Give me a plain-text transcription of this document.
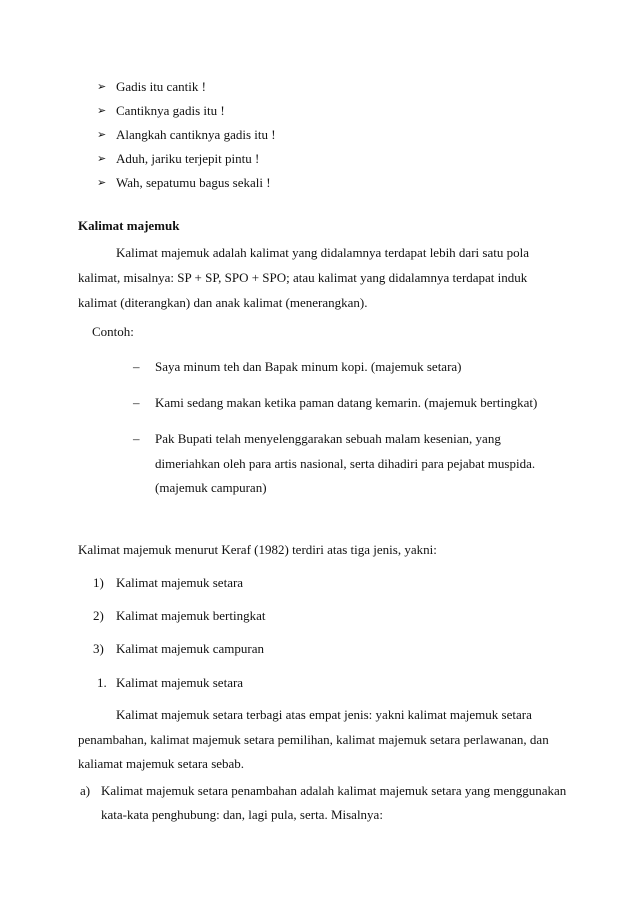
➢ Gadis itu cantik !
➢ Cantiknya gadis itu !
➢ Alangkah cantiknya gadis itu !
➢ Aduh, jariku terjepit pintu !
➢ Wah, sepatumu bagus sekali !
Kalimat majemuk
Kalimat majemuk adalah kalimat yang didalamnya terdapat lebih dari satu pola
kalimat, misalnya: SP + SP, SPO + SPO; atau kalimat yang didalamnya terdapat induk
kalimat (diterangkan) dan anak kalimat (menerangkan).
Contoh:
– Saya minum teh dan Bapak minum kopi. (majemuk setara)
– Kami sedang makan ketika paman datang kemarin. (majemuk bertingkat)
– Pak Bupati telah menyelenggarakan sebuah malam kesenian, yang
dimeriahkan oleh para artis nasional, serta dihadiri para pejabat muspida.
(majemuk campuran)
Kalimat majemuk menurut Keraf (1982) terdiri atas tiga jenis, yakni:
1) Kalimat majemuk setara
2) Kalimat majemuk bertingkat
3) Kalimat majemuk campuran
1. Kalimat majemuk setara
Kalimat majemuk setara terbagi atas empat jenis: yakni kalimat majemuk setara
penambahan, kalimat majemuk setara pemilihan, kalimat majemuk setara perlawanan, dan
kaliamat majemuk setara sebab.
a) Kalimat majemuk setara penambahan adalah kalimat majemuk setara yang menggunakan
kata-kata penghubung: dan, lagi pula, serta. Misalnya:
